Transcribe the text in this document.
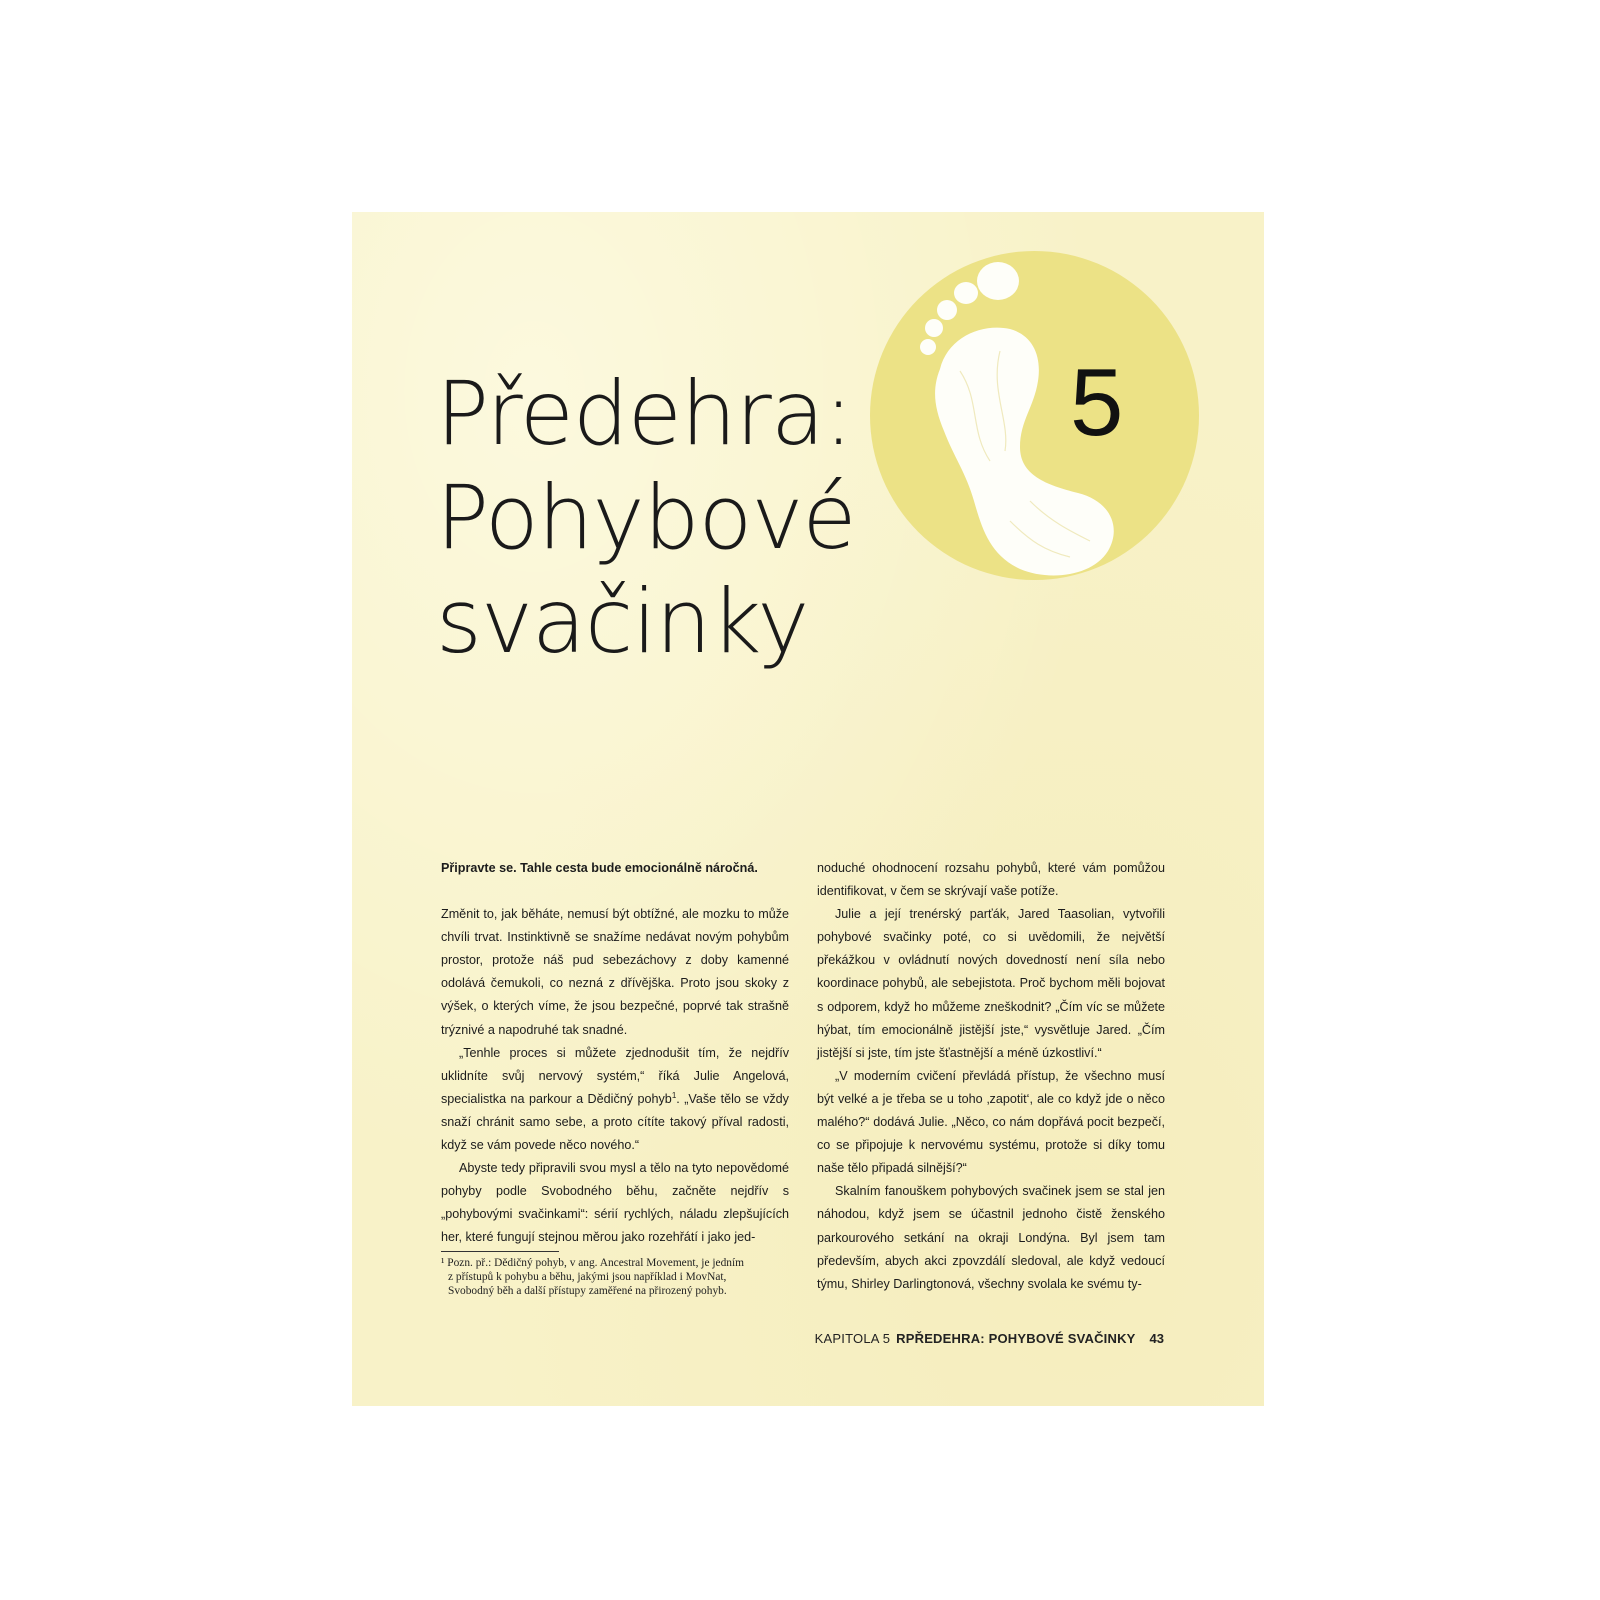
5
Předehra:
Pohybové
svačinky

Připravte se. Tahle cesta bude emocionálně náročná.

Změnit to, jak běháte, nemusí být obtížné, ale mozku to může chvíli trvat. Instinktivně se snažíme nedávat novým pohybům prostor, protože náš pud sebezáchovy z doby kamenné odolává čemukoli, co nezná z dřívějška. Proto jsou skoky z výšek, o kterých víme, že jsou bezpečné, poprvé tak strašně trýznivé a napodruhé tak snadné.

„Tenhle proces si můžete zjednodušit tím, že nejdřív uklidníte svůj nervový systém,“ říká Julie Angelová, specialistka na parkour a Dědičný pohyb$^1$. „Vaše tělo se vždy snaží chránit samo sebe, a proto cítíte takový příval radosti, když se vám povede něco nového.“

Abyste tedy připravili svou mysl a tělo na tyto nepovědomé pohyby podle Svobodného běhu, začněte nejdřív s „pohybovými svačinkami“: sérií rychlých, náladu zlepšujících her, které fungují stejnou měrou jako rozehřátí i jako jed-

¹ Pozn. př.: Dědičný pohyb, v ang. Ancestral Movement, je jedním
z přístupů k pohybu a běhu, jakými jsou například i MovNat,
Svobodný běh a další přístupy zaměřené na přirozený pohyb.

noduché ohodnocení rozsahu pohybů, které vám pomůžou identifikovat, v čem se skrývají vaše potíže.

Julie a její trenérský parťák, Jared Taasolian, vytvořili pohybové svačinky poté, co si uvědomili, že největší překážkou v ovládnutí nových dovedností není síla nebo koordinace pohybů, ale sebejistota. Proč bychom měli bojovat s odporem, když ho můžeme zneškodnit? „Čím víc se můžete hýbat, tím emocionálně jistější jste,“ vysvětluje Jared. „Čím jistější si jste, tím jste šťastnější a méně úzkostliví.“

„V moderním cvičení převládá přístup, že všechno musí být velké a je třeba se u toho ‚zapotit‘, ale co když jde o něco malého?“ dodává Julie. „Něco, co nám dopřává pocit bezpečí, co se připojuje k nervovému systému, protože si díky tomu naše tělo připadá silnější?“

Skalním fanouškem pohybových svačinek jsem se stal jen náhodou, když jsem se účastnil jednoho čistě ženského parkourového setkání na okraji Londýna. Byl jsem tam především, abych akci zpovzdálí sledoval, ale když vedoucí týmu, Shirley Darlingtonová, všechny svolala ke svému ty-

KAPITOLA 5 RPŘEDEHRA: POHYBOVÉ SVAČINKY 43
